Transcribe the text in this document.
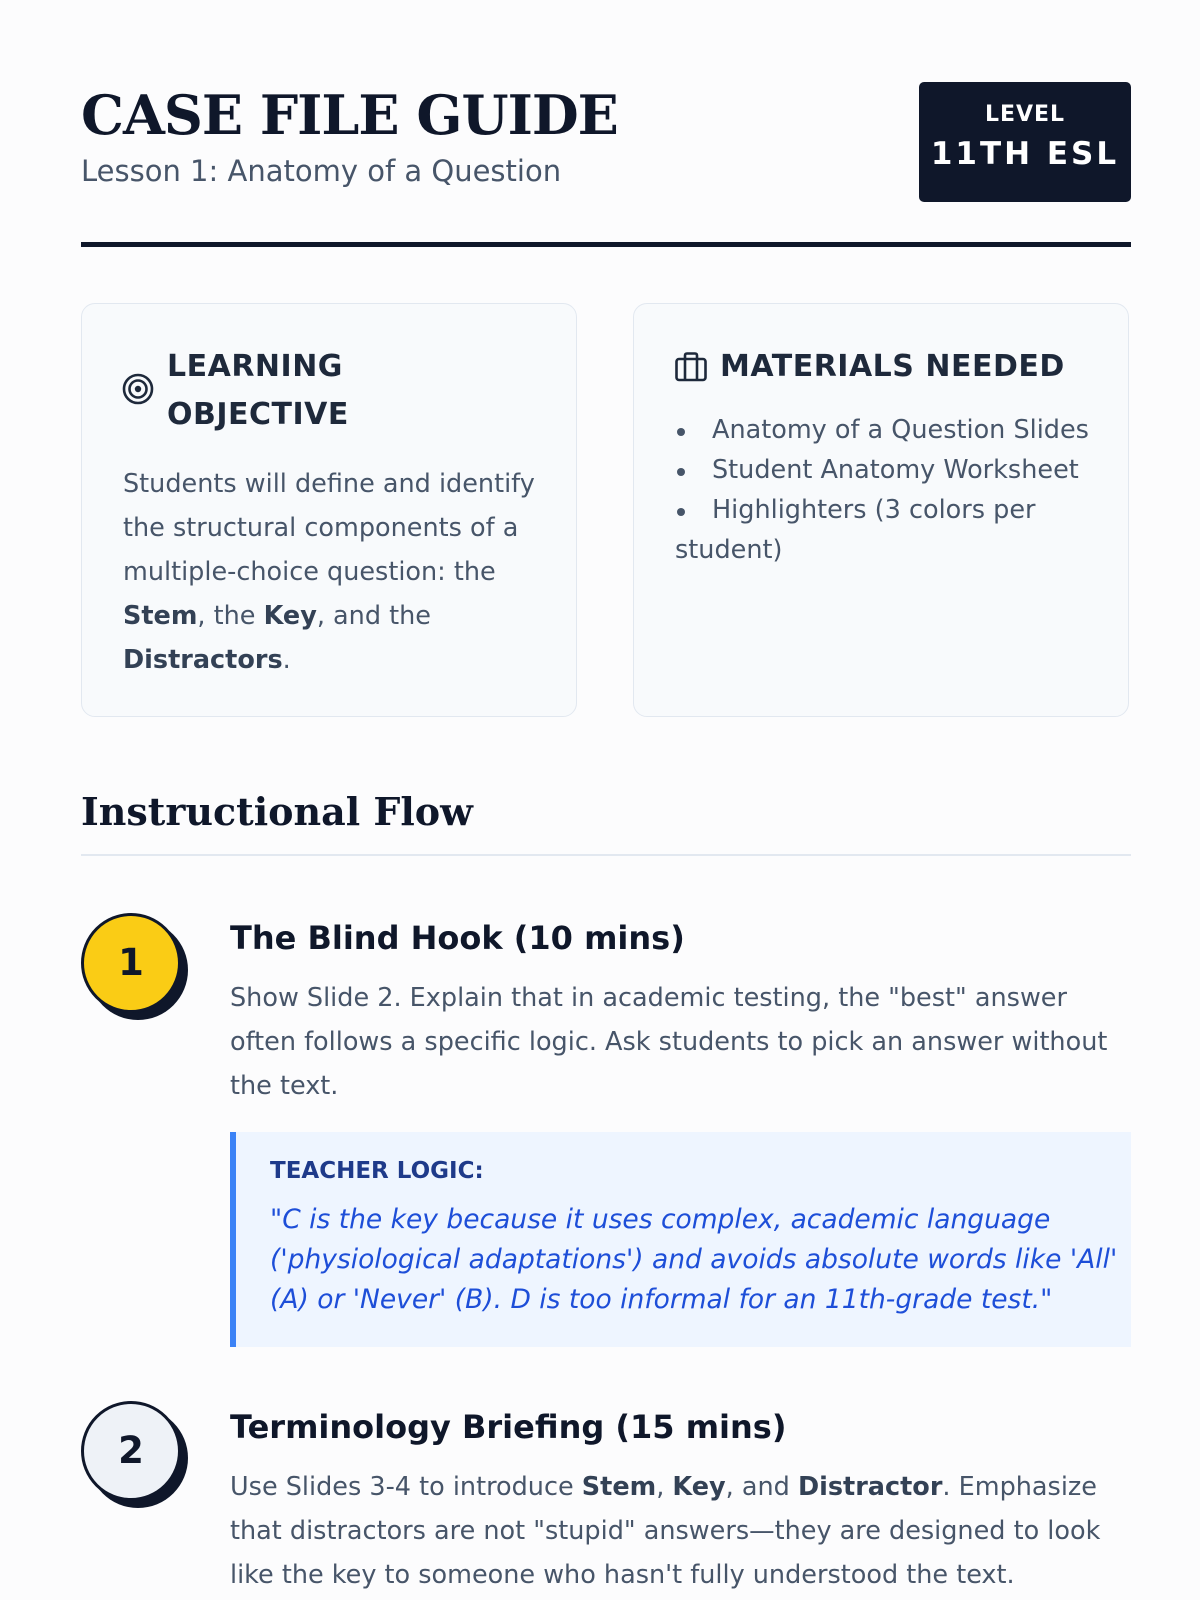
CASE FILE GUIDE
Lesson 1: Anatomy of a Question
LEVEL
11TH ESL
LEARNING
OBJECTIVE
Students will define and identify the structural components of a multiple-choice question: the Stem, the Key, and the Distractors.
MATERIALS NEEDED
Anatomy of a Question Slides
Student Anatomy Worksheet
Highlighters (3 colors per student)
Instructional Flow
1
The Blind Hook (10 mins)
Show Slide 2. Explain that in academic testing, the "best" answer often follows a specific logic. Ask students to pick an answer without the text.
TEACHER LOGIC:
"C is the key because it uses complex, academic language ('physiological adaptations') and avoids absolute words like 'All' (A) or 'Never' (B). D is too informal for an 11th-grade test."
2
Terminology Briefing (15 mins)
Use Slides 3-4 to introduce Stem, Key, and Distractor. Emphasize that distractors are not "stupid" answers—they are designed to look like the key to someone who hasn't fully understood the text.
